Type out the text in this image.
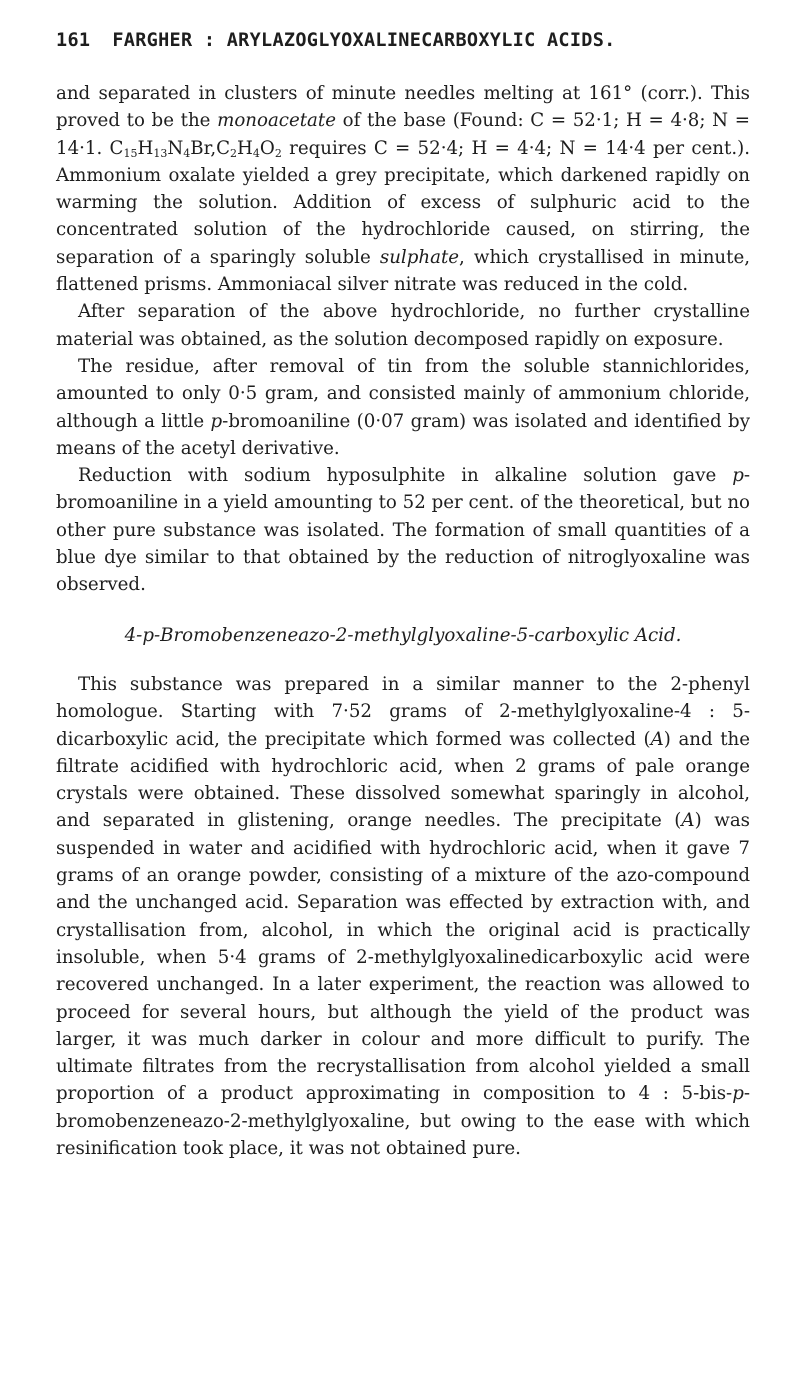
161 FARGHER : ARYLAZOGLYOXALINECARBOXYLIC ACIDS.

and separated in clusters of minute needles melting at 161° (corr.). This proved to be the monoacetate of the base (Found: C = 52·1; H = 4·8; N = 14·1. $C_{15}H_{13}N_4Br,C_2H_4O_2$ requires C = 52·4; H = 4·4; N = 14·4 per cent.). Ammonium oxalate yielded a grey precipitate, which darkened rapidly on warming the solution. Addition of excess of sulphuric acid to the concentrated solution of the hydrochloride caused, on stirring, the separation of a sparingly soluble sulphate, which crystallised in minute, flattened prisms. Ammoniacal silver nitrate was reduced in the cold.

After separation of the above hydrochloride, no further crystalline material was obtained, as the solution decomposed rapidly on exposure.

The residue, after removal of tin from the soluble stannichlorides, amounted to only 0·5 gram, and consisted mainly of ammonium chloride, although a little p-bromoaniline (0·07 gram) was isolated and identified by means of the acetyl derivative.

Reduction with sodium hyposulphite in alkaline solution gave p-bromoaniline in a yield amounting to 52 per cent. of the theoretical, but no other pure substance was isolated. The formation of small quantities of a blue dye similar to that obtained by the reduction of nitroglyoxaline was observed.

4-p-Bromobenzeneazo-2-methylglyoxaline-5-carboxylic Acid.

This substance was prepared in a similar manner to the 2-phenyl homologue. Starting with 7·52 grams of 2-methylglyoxaline-4 : 5-dicarboxylic acid, the precipitate which formed was collected (A) and the filtrate acidified with hydrochloric acid, when 2 grams of pale orange crystals were obtained. These dissolved somewhat sparingly in alcohol, and separated in glistening, orange needles. The precipitate (A) was suspended in water and acidified with hydrochloric acid, when it gave 7 grams of an orange powder, consisting of a mixture of the azo-compound and the unchanged acid. Separation was effected by extraction with, and crystallisation from, alcohol, in which the original acid is practically insoluble, when 5·4 grams of 2-methylglyoxalinedicarboxylic acid were recovered unchanged. In a later experiment, the reaction was allowed to proceed for several hours, but although the yield of the product was larger, it was much darker in colour and more difficult to purify. The ultimate filtrates from the recrystallisation from alcohol yielded a small proportion of a product approximating in composition to 4 : 5-bis-p-bromobenzeneazo-2-methylglyoxaline, but owing to the ease with which resinification took place, it was not obtained pure.
